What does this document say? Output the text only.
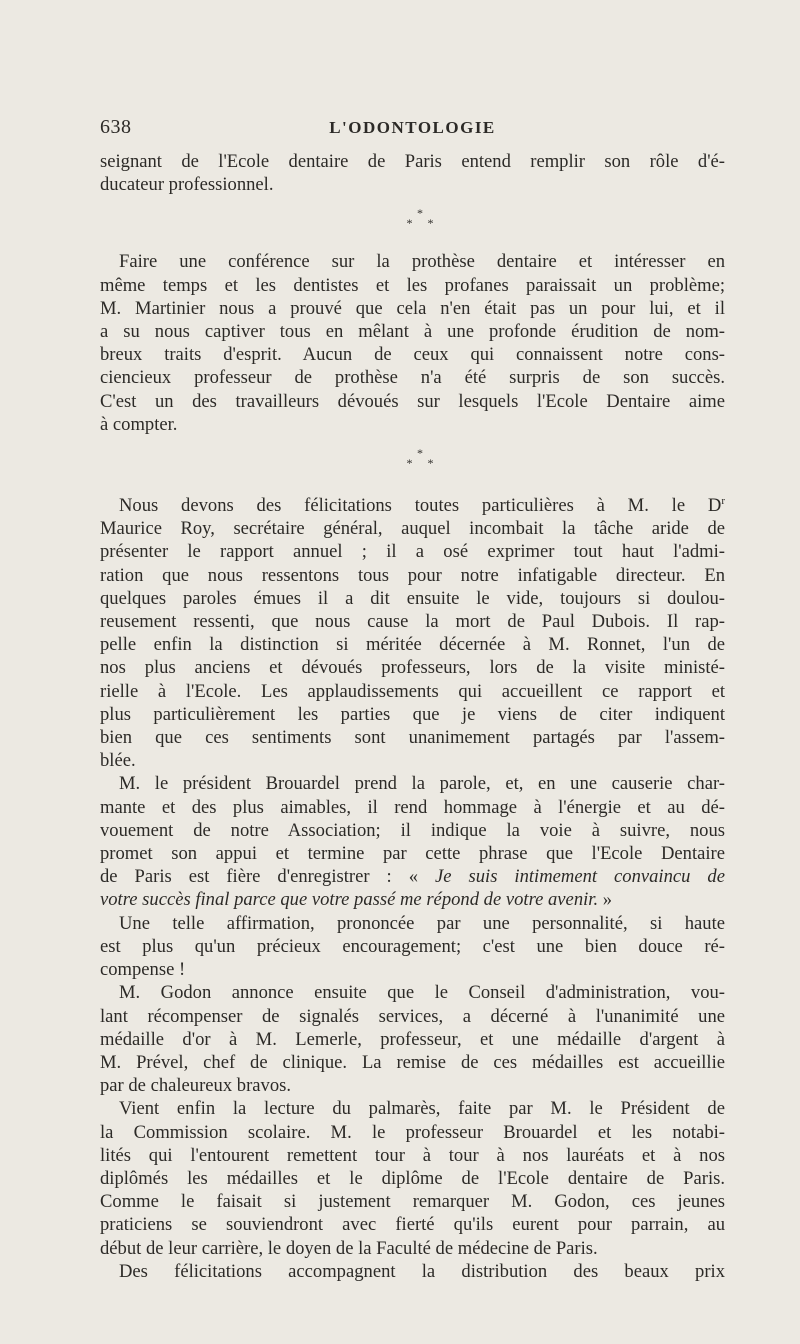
638	L'ODONTOLOGIE

seignant de l'Ecole dentaire de Paris entend remplir son rôle d'é-
ducateur professionnel.

*
* *

Faire une conférence sur la prothèse dentaire et intéresser en
même temps et les dentistes et les profanes paraissait un problème;
M. Martinier nous a prouvé que cela n'en était pas un pour lui, et il
a su nous captiver tous en mêlant à une profonde érudition de nom-
breux traits d'esprit. Aucun de ceux qui connaissent notre cons-
ciencieux professeur de prothèse n'a été surpris de son succès.
C'est un des travailleurs dévoués sur lesquels l'Ecole Dentaire aime
à compter.

*
* *

Nous devons des félicitations toutes particulières à M. le $D^r$
Maurice Roy, secrétaire général, auquel incombait la tâche aride de
présenter le rapport annuel ; il a osé exprimer tout haut l'admi-
ration que nous ressentons tous pour notre infatigable directeur. En
quelques paroles émues il a dit ensuite le vide, toujours si doulou-
reusement ressenti, que nous cause la mort de Paul Dubois. Il rap-
pelle enfin la distinction si méritée décernée à M. Ronnet, l'un de
nos plus anciens et dévoués professeurs, lors de la visite ministé-
rielle à l'Ecole. Les applaudissements qui accueillent ce rapport et
plus particulièrement les parties que je viens de citer indiquent
bien que ces sentiments sont unanimement partagés par l'assem-
blée.

M. le président Brouardel prend la parole, et, en une causerie char-
mante et des plus aimables, il rend hommage à l'énergie et au dé-
vouement de notre Association; il indique la voie à suivre, nous
promet son appui et termine par cette phrase que l'Ecole Dentaire
de Paris est fière d'enregistrer : « Je suis intimement convaincu de
votre succès final parce que votre passé me répond de votre avenir. »

Une telle affirmation, prononcée par une personnalité, si haute
est plus qu'un précieux encouragement; c'est une bien douce ré-
compense !

M. Godon annonce ensuite que le Conseil d'administration, vou-
lant récompenser de signalés services, a décerné à l'unanimité une
médaille d'or à M. Lemerle, professeur, et une médaille d'argent à
M. Prével, chef de clinique. La remise de ces médailles est accueillie
par de chaleureux bravos.

Vient enfin la lecture du palmarès, faite par M. le Président de
la Commission scolaire. M. le professeur Brouardel et les notabi-
lités qui l'entourent remettent tour à tour à nos lauréats et à nos
diplômés les médailles et le diplôme de l'Ecole dentaire de Paris.
Comme le faisait si justement remarquer M. Godon, ces jeunes
praticiens se souviendront avec fierté qu'ils eurent pour parrain, au
début de leur carrière, le doyen de la Faculté de médecine de Paris.

Des félicitations accompagnent la distribution des beaux prix
